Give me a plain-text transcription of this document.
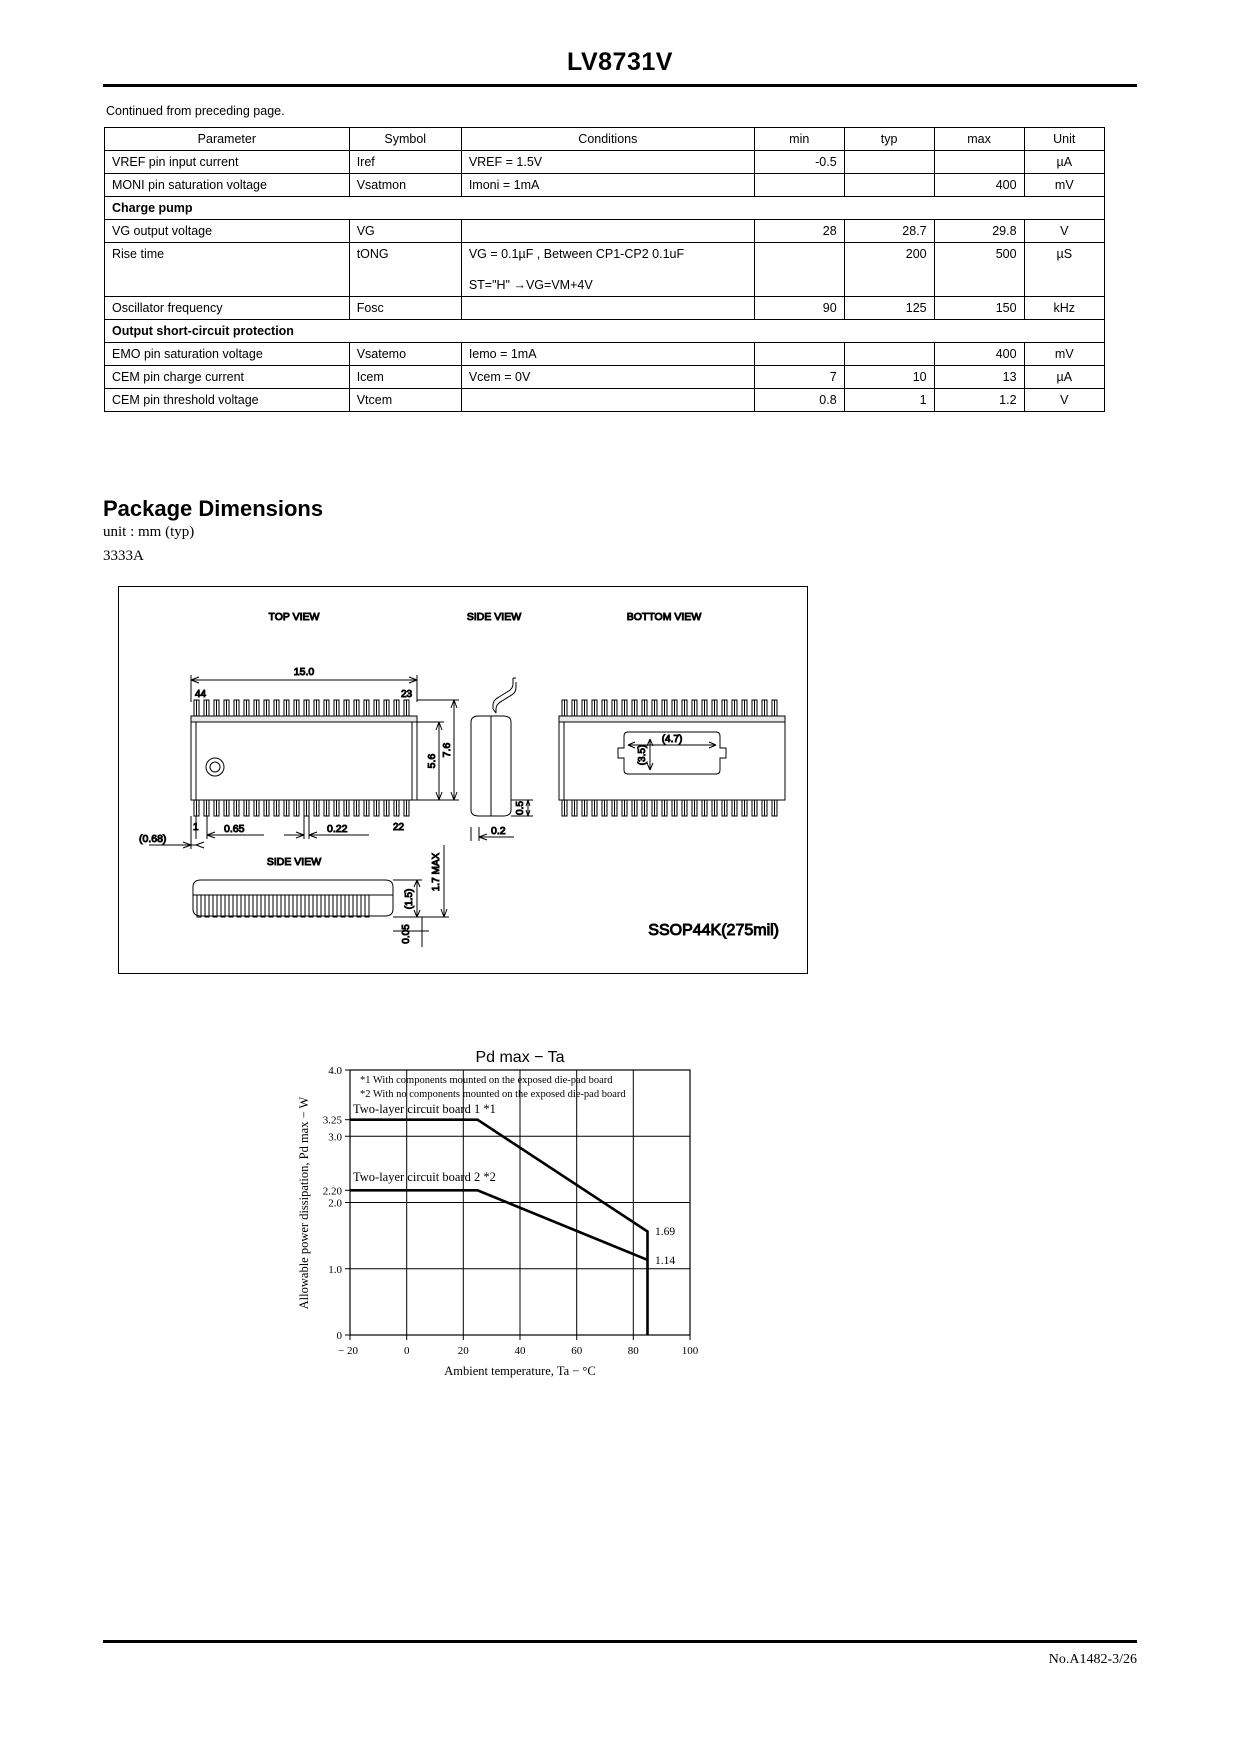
LV8731V
Continued from preceding page.
Parameter	Symbol	Conditions	min	typ	max	Unit
VREF pin input current	Iref	VREF = 1.5V	-0.5			µA
MONI pin saturation voltage	Vsatmon	Imoni = 1mA			400	mV
Charge pump						
VG output voltage	VG		28	28.7	29.8	V
Rise time	tONG	VG = 0.1µF , Between CP1-CP2 0.1uF
ST="H" →VG=VM+4V		200	500	µS
Oscillator frequency	Fosc		90	125	150	kHz
Output short-circuit protection						
EMO pin saturation voltage	Vsatemo	Iemo = 1mA			400	mV
CEM pin charge current	Icem	Vcem = 0V	7	10	13	µA
CEM pin threshold voltage	Vtcem		0.8	1	1.2	V
Package Dimensions
unit : mm (typ)
3333A
TOP VIEW
15.0
44	23
1	22
5.6
7.6
0.65	0.22
(0.68)
SIDE VIEW
0.5
0.2
BOTTOM VIEW
(4.7)
(3.5)
SIDE VIEW
(1.5)
1.7 MAX
0.05	SSOP44K(275mil)
Pd max − Ta
4.0
3.25
3.0
2.20
2.0
1.0
0
− 20	0	20	40	60	80	100
*1 With components mounted on the exposed die-pad board
*2 With no components mounted on the exposed die-pad board
Two-layer circuit board 1 *1
Two-layer circuit board 2 *2
1.69
1.14
Allowable power dissipation, Pd max − W
Ambient temperature, Ta − °C
No.A1482-3/26
